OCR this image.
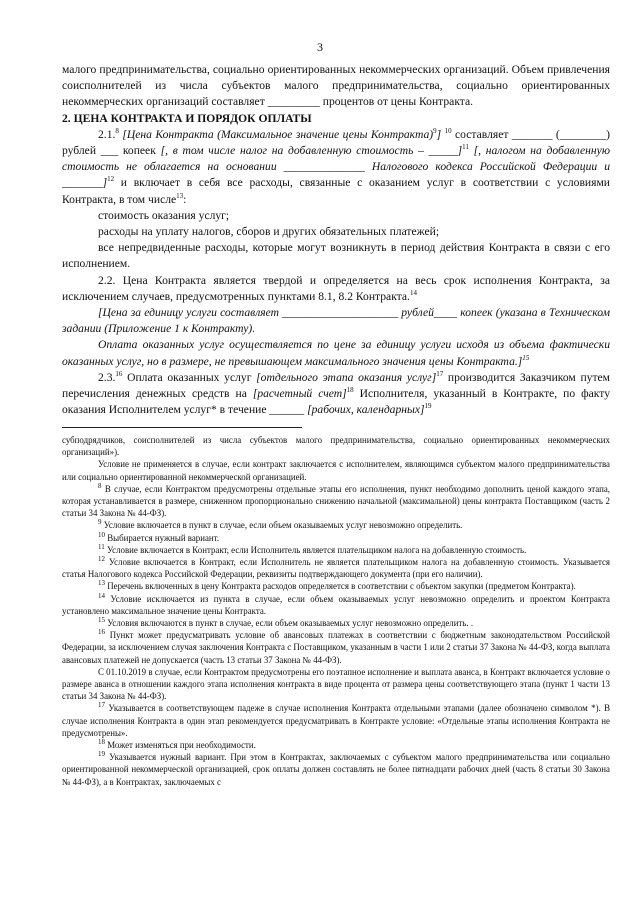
3

малого предпринимательства, социально ориентированных некоммерческих организаций. Объем привлечения соисполнителей из числа субъектов малого предпринимательства, социально ориентированных некоммерческих организаций составляет _________ процентов от цены Контракта.

2. ЦЕНА КОНТРАКТА И ПОРЯДОК ОПЛАТЫ

2.1.$^8$ [Цена Контракта (Максимальное значение цены Контракта)$^9$] $^{10}$ составляет _______ (________) рублей ___ копеек [, в том числе налог на добавленную стоимость – _____]$^{11}$ [, налогом на добавленную стоимость не облагается на основании ______________ Налогового кодекса Российской Федерации и _______]$^{12}$ и включает в себя все расходы, связанные с оказанием услуг в соответствии с условиями Контракта, в том числе$^{13}$:

стоимость оказания услуг;

расходы на уплату налогов, сборов и других обязательных платежей;

все непредвиденные расходы, которые могут возникнуть в период действия Контракта в связи с его исполнением.

2.2. Цена Контракта является твердой и определяется на весь срок исполнения Контракта, за исключением случаев, предусмотренных пунктами 8.1, 8.2 Контракта.$^{14}$

[Цена за единицу услуги составляет ____________________ рублей____ копеек (указана в Техническом задании (Приложение 1 к Контракту).

Оплата оказанных услуг осуществляется по цене за единицу услуги исходя из объема фактически оказанных услуг, но в размере, не превышающем максимального значения цены Контракта.]$^{15}$

2.3.16 Оплата оказанных услуг [отдельного этапа оказания услуг]$^{17}$ производится Заказчиком путем перечисления денежных средств на [расчетный счет]$^{18}$ Исполнителя, указанный в Контракте, по факту оказания Исполнителем услуг* в течение ______ [рабочих, календарных]$^{19}$

субподрядчиков, соисполнителей из числа субъектов малого предпринимательства, социально ориентированных некоммерческих организаций»).

Условие не применяется в случае, если контракт заключается с исполнителем, являющимся субъектом малого предпринимательства или социально ориентированной некоммерческой организацией.

$^8$ В случае, если Контрактом предусмотрены отдельные этапы его исполнения, пункт необходимо дополнить ценой каждого этапа, которая устанавливается в размере, сниженном пропорционально снижению начальной (максимальной) цены контракта Поставщиком (часть 2 статьи 34 Закона № 44-ФЗ).

$^9$ Условие включается в пункт в случае, если объем оказываемых услуг невозможно определить.

$^{10}$ Выбирается нужный вариант.

$^{11}$ Условие включается в Контракт, если Исполнитель является плательщиком налога на добавленную стоимость.

$^{12}$ Условие включается в Контракт, если Исполнитель не является плательщиком налога на добавленную стоимость. Указывается статья Налогового кодекса Российской Федерации, реквизиты подтверждающего документа (при его наличии).

$^{13}$ Перечень включенных в цену Контракта расходов определяется в соответствии с объектом закупки (предметом Контракта).

$^{14}$ Условие исключается из пункта в случае, если объем оказываемых услуг невозможно определить и проектом Контракта установлено максимальное значение цены Контракта.

$^{15}$ Условия включаются в пункт в случае, если объем оказываемых услуг невозможно определить. .

$^{16}$ Пункт может предусматривать условие об авансовых платежах в соответствии с бюджетным законодательством Российской Федерации, за исключением случая заключения Контракта с Поставщиком, указанным в части 1 или 2 статьи 37 Закона № 44-ФЗ, когда выплата авансовых платежей не допускается (часть 13 статьи 37 Закона № 44-ФЗ).

С 01.10.2019 в случае, если Контрактом предусмотрены его поэтапное исполнение и выплата аванса, в Контракт включается условие о размере аванса в отношении каждого этапа исполнения контракта в виде процента от размера цены соответствующего этапа (пункт 1 части 13 статьи 34 Закона № 44-ФЗ).

$^{17}$ Указывается в соответствующем падеже в случае исполнения Контракта отдельными этапами (далее обозначено символом *). В случае исполнения Контракта в один этап рекомендуется предусматривать в Контракте условие: «Отдельные этапы исполнения Контракта не предусмотрены».

$^{18}$ Может изменяться при необходимости.

$^{19}$ Указывается нужный вариант. При этом в Контрактах, заключаемых с субъектом малого предпринимательства или социально ориентированной некоммерческой организацией, срок оплаты должен составлять не более пятнадцати рабочих дней (часть 8 статьи 30 Закона № 44-ФЗ), а в Контрактах, заключаемых с
